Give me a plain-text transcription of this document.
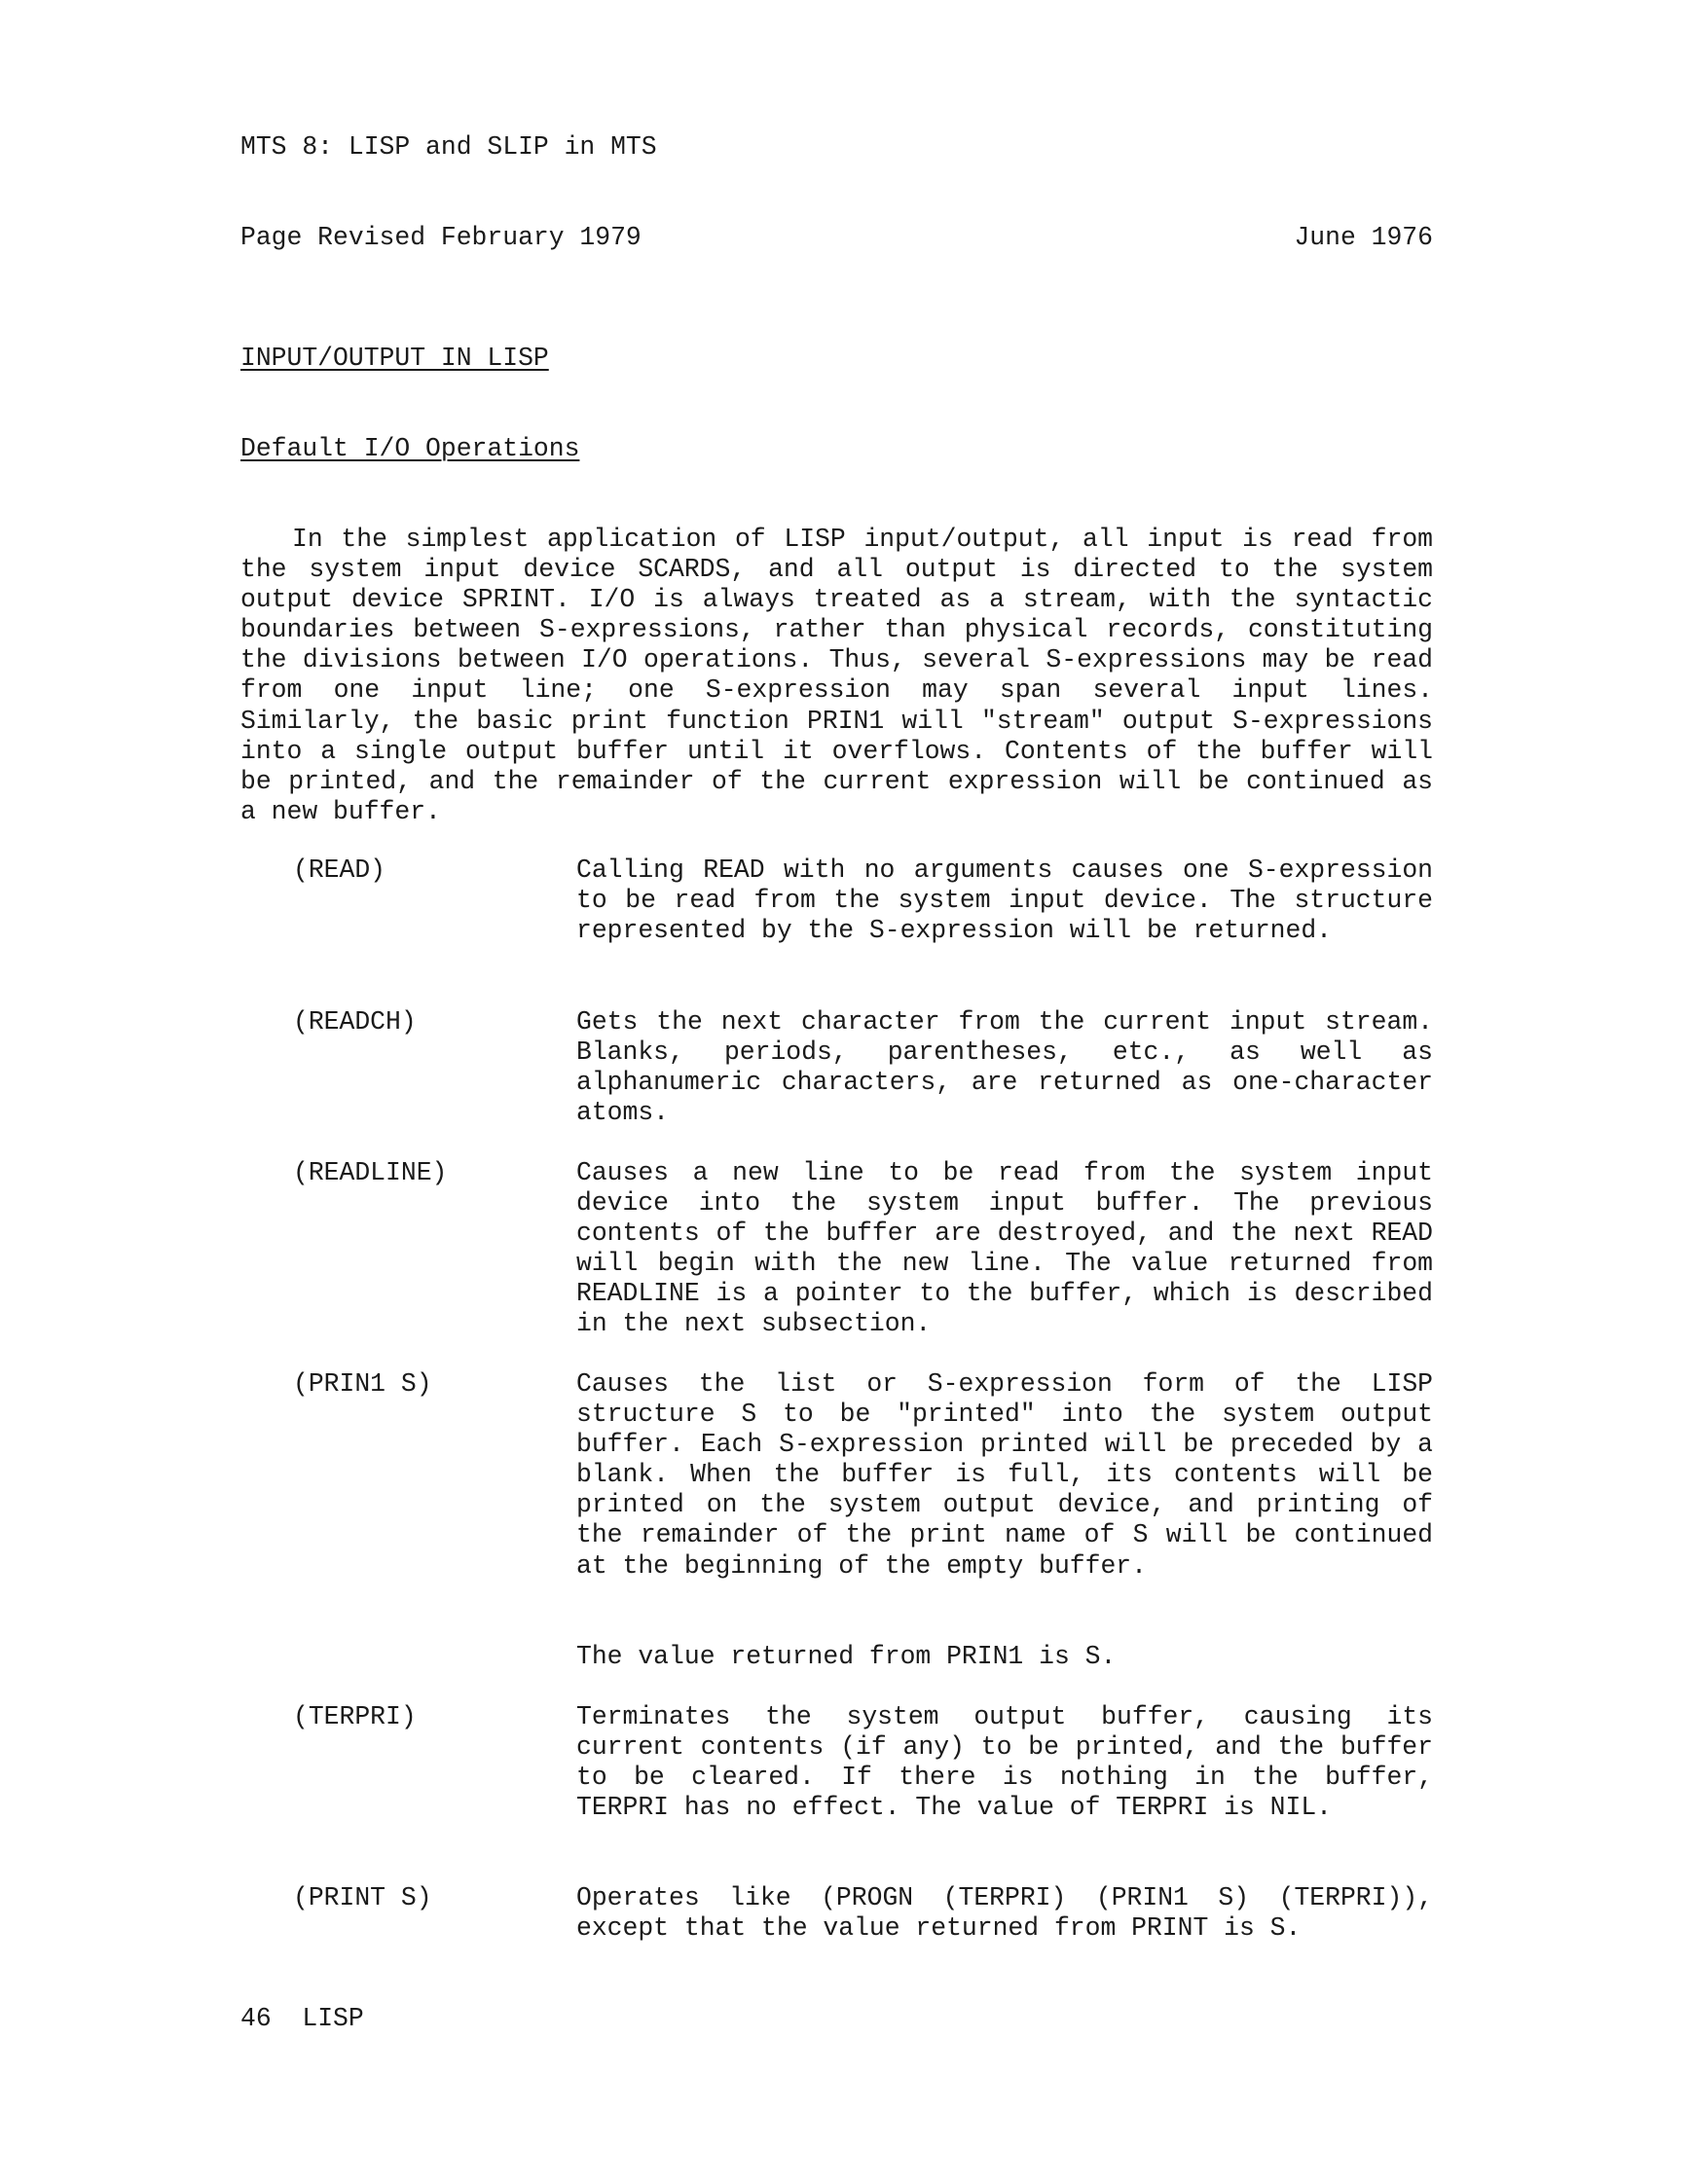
MTS 8: LISP and SLIP in MTS
Page Revised February 1979	June 1976
INPUT/OUTPUT IN LISP
Default I/O Operations

In the simplest application of LISP input/output, all input is read from the system input device SCARDS, and all output is directed to the system output device SPRINT. I/O is always treated as a stream, with the syntactic boundaries between S-expressions, rather than physical records, constituting the divisions between I/O operations. Thus, several S-expressions may be read from one input line; one S-expression may span several input lines. Similarly, the basic print function PRIN1 will "stream" output S-expressions into a single output buffer until it overflows. Contents of the buffer will be printed, and the remainder of the current expression will be continued as a new buffer.

(READ)	Calling READ with no arguments causes one S-expression to be read from the system input device. The structure represented by the S-expression will be returned.

(READCH)	Gets the next character from the current input stream. Blanks, periods, parentheses, etc., as well as alphanumeric characters, are returned as one-character atoms.

(READLINE)	Causes a new line to be read from the system input device into the system input buffer. The previous contents of the buffer are destroyed, and the next READ will begin with the new line. The value returned from READLINE is a pointer to the buffer, which is described in the next subsection.

(PRIN1 S)	Causes the list or S-expression form of the LISP structure S to be "printed" into the system output buffer. Each S-expression printed will be preceded by a blank. When the buffer is full, its contents will be printed on the system output device, and printing of the remainder of the print name of S will be continued at the beginning of the empty buffer.

The value returned from PRIN1 is S.
(TERPRI)	Terminates the system output buffer, causing its current contents (if any) to be printed, and the buffer to be cleared. If there is nothing in the buffer, TERPRI has no effect. The value of TERPRI is NIL.

(PRINT S)	Operates like (PROGN (TERPRI) (PRIN1 S) (TERPRI)), except that the value returned from PRINT is S.

46 LISP
